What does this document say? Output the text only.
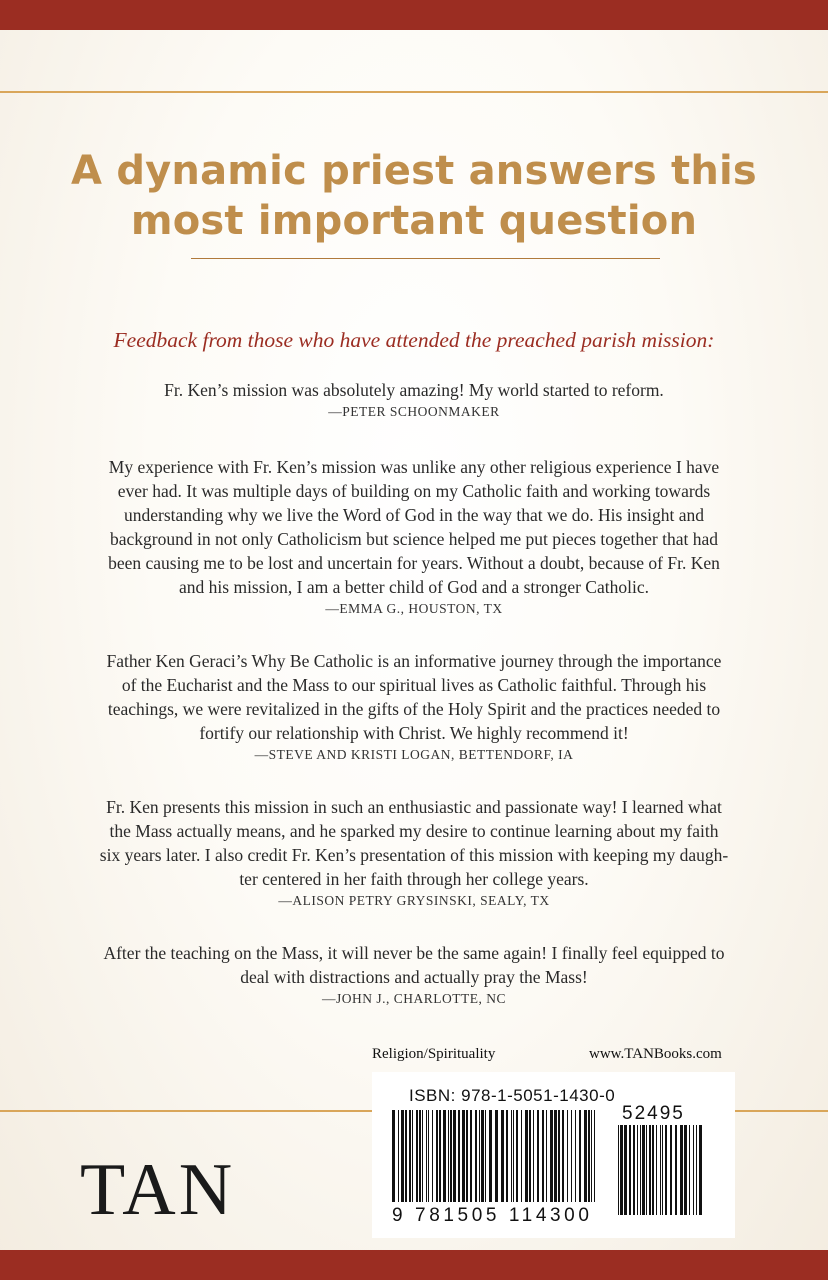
A dynamic priest answers this
most important question
Feedback from those who have attended the preached parish mission:
Fr. Ken’s mission was absolutely amazing! My world started to reform.
—PETER SCHOONMAKER
My experience with Fr. Ken’s mission was unlike any other religious experience I have
ever had. It was multiple days of building on my Catholic faith and working towards
understanding why we live the Word of God in the way that we do. His insight and
background in not only Catholicism but science helped me put pieces together that had
been causing me to be lost and uncertain for years. Without a doubt, because of Fr. Ken
and his mission, I am a better child of God and a stronger Catholic.
—EMMA G., HOUSTON, TX
Father Ken Geraci’s Why Be Catholic is an informative journey through the importance
of the Eucharist and the Mass to our spiritual lives as Catholic faithful. Through his
teachings, we were revitalized in the gifts of the Holy Spirit and the practices needed to
fortify our relationship with Christ. We highly recommend it!
—STEVE AND KRISTI LOGAN, BETTENDORF, IA
Fr. Ken presents this mission in such an enthusiastic and passionate way! I learned what
the Mass actually means, and he sparked my desire to continue learning about my faith
six years later. I also credit Fr. Ken’s presentation of this mission with keeping my daugh-
ter centered in her faith through her college years.
—ALISON PETRY GRYSINSKI, SEALY, TX
After the teaching on the Mass, it will never be the same again! I finally feel equipped to
deal with distractions and actually pray the Mass!
—JOHN J., CHARLOTTE, NC
Religion/Spirituality	www.TANBooks.com
ISBN: 978-1-5051-1430-0
52495
9 781505 114300
TAN
